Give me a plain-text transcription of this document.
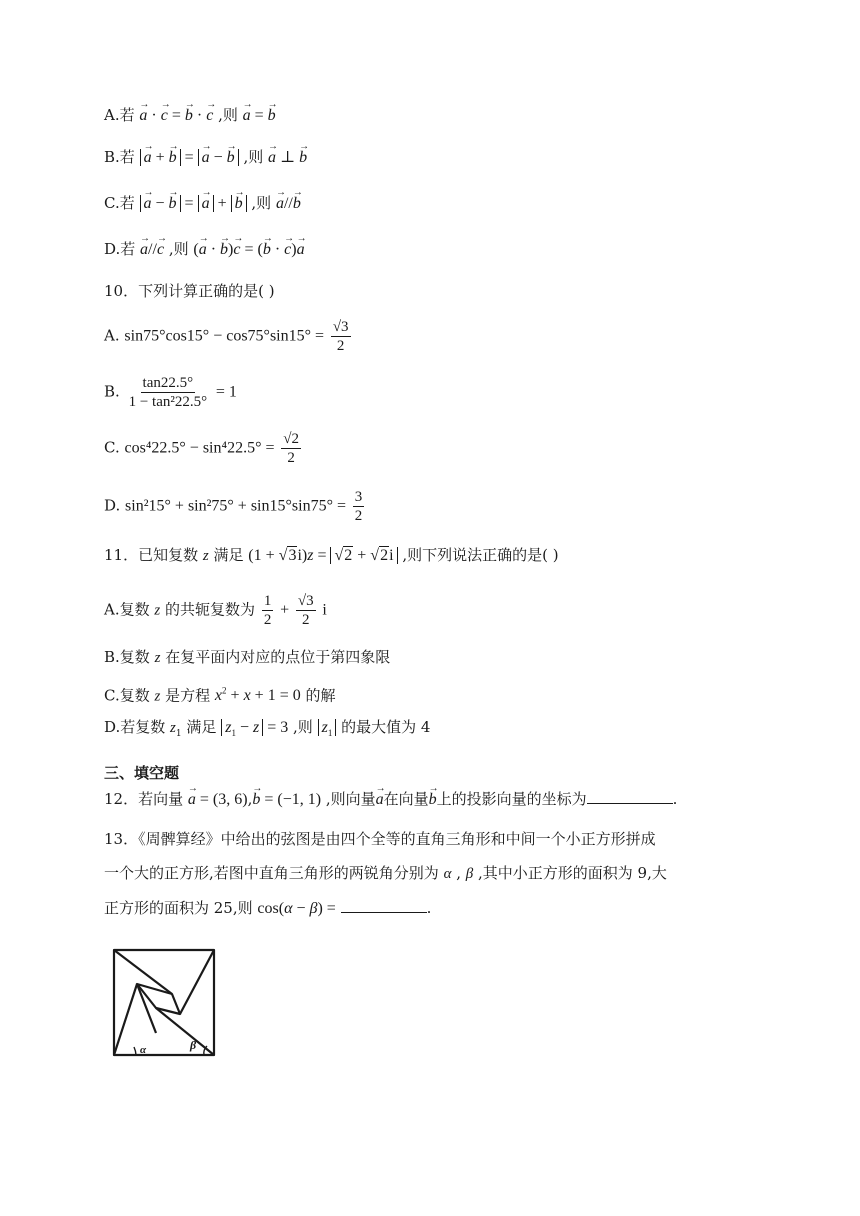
A.若 → a · → c = → b · → c ,则 → a = → b
B.若 → a + → b = → a − → b ,则 → a ⊥ → b
C.若 → a − → b = → a + → b ,则 → a//→ b
D.若 → a//→ c ,则 (→ a · → b)→ c = (→ b · → c)→ a
10．下列计算正确的是( )
A. $\sin 75^\circ\cos 15^\circ - \cos 75^\circ\sin 15^\circ = \frac{√3}{2}$
B. $\frac{\tan 22.5^\circ}{\text{1 − tan²22.5°}} = 1$
C. $\cos^422.5^\circ - \sin^422.5^\circ = \frac{√2}{2}$
D. $\sin^215^\circ + \sin^275^\circ + \sin 15^\circ\sin 75^\circ = \frac{3}{2}$
11．已知复数 z 满足 (1 + √3i)z = √2 + √2i ,则下列说法正确的是( )
A.复数 z 的共轭复数为 $\frac{1}{2} + \frac{√3}{2}$ i
B.复数 z 在复平面内对应的点位于第四象限
C.复数 z 是方程 $x^2 + x + 1 = 0$ 的解
D.若复数 $z_1$ 满足 $z_1 - z = 3$ ,则 $z_1$ 的最大值为 4
三、填空题
12．若向量 → a = (3, 6),→ b = (−1, 1) ,则向量→ a在向量→ b上的投影向量的坐标为	.
13．《周髀算经》中给出的弦图是由四个全等的直角三角形和中间一个小正方形拼成
一个大的正方形,若图中直角三角形的两锐角分别为 α , β ,其中小正方形的面积为 9,大
正方形的面积为 25,则 cos(α − β) =	.
α	β
